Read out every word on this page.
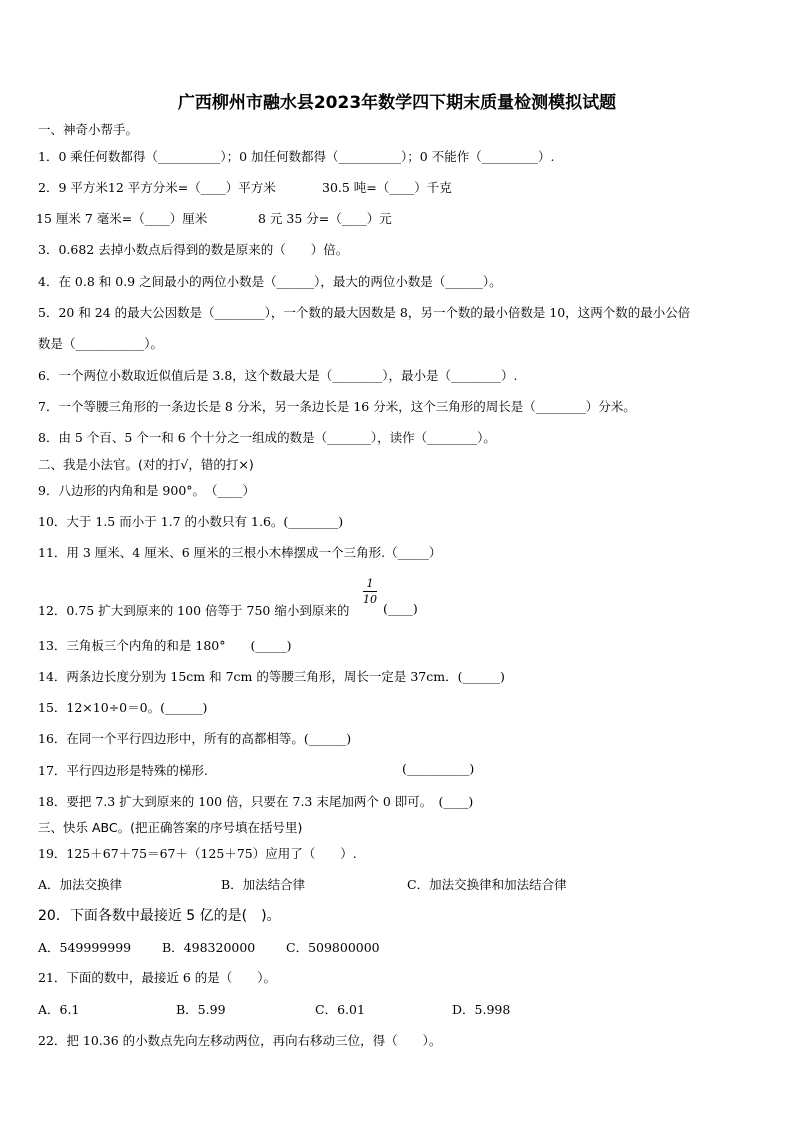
广西柳州市融水县2023年数学四下期末质量检测模拟试题
一、神奇小帮手。
1．0 乘任何数都得（__________）；0 加任何数都得（__________）；0 不能作（_________）.
2．9 平方米12 平方分米=（____）平方米	30.5 吨=（____）千克
15 厘米 7 毫米=（____）厘米	8 元 35 分=（____）元
3．0.682 去掉小数点后得到的数是原来的（　　）倍。
4．在 0.8 和 0.9 之间最小的两位小数是（______），最大的两位小数是（______）。
5．20 和 24 的最大公因数是（________），一个数的最大因数是 8，另一个数的最小倍数是 10，这两个数的最小公倍
数是（___________）。
6．一个两位小数取近似值后是 3.8，这个数最大是（________），最小是（________）.
7．一个等腰三角形的一条边长是 8 分米，另一条边长是 16 分米，这个三角形的周长是（________）分米。
8．由 5 个百、5 个一和 6 个十分之一组成的数是（_______），读作（________）。
二、我是小法官。(对的打√，错的打×)
9．八边形的内角和是 900°。　（____）
10．大于 1.5 而小于 1.7 的小数只有 1.6。(________)
11．用 3 厘米、4 厘米、6 厘米的三根小木棒摆成一个三角形.（_____）
12．0.75 扩大到原来的 100 倍等于 750 缩小到原来的
1
10
(____)
13．三角板三个内角的和是 180°　　(_____)
14．两条边长度分别为 15cm 和 7cm 的等腰三角形，周长一定是 37cm．(______)
15．12×10÷0＝0。(______)
16．在同一个平行四边形中，所有的高都相等。(______)
17．平行四边形是特殊的梯形.	(__________)
18．要把 7.3 扩大到原来的 100 倍，只要在 7.3 末尾加两个 0 即可。　(____)
三、快乐 ABC。(把正确答案的序号填在括号里)
19．125＋67＋75＝67＋（125＋75）应用了（　　）.
A．加法交换律	B．加法结合律	C．加法交换律和加法结合律
20．下面各数中最接近 5 亿的是(　)。
A．549999999 B．498320000 C．509800000
21．下面的数中，最接近 6 的是（　　）。
A．6.1	B．5.99	C．6.01	D．5.998
22．把 10.36 的小数点先向左移动两位，再向右移动三位，得（　　）。
